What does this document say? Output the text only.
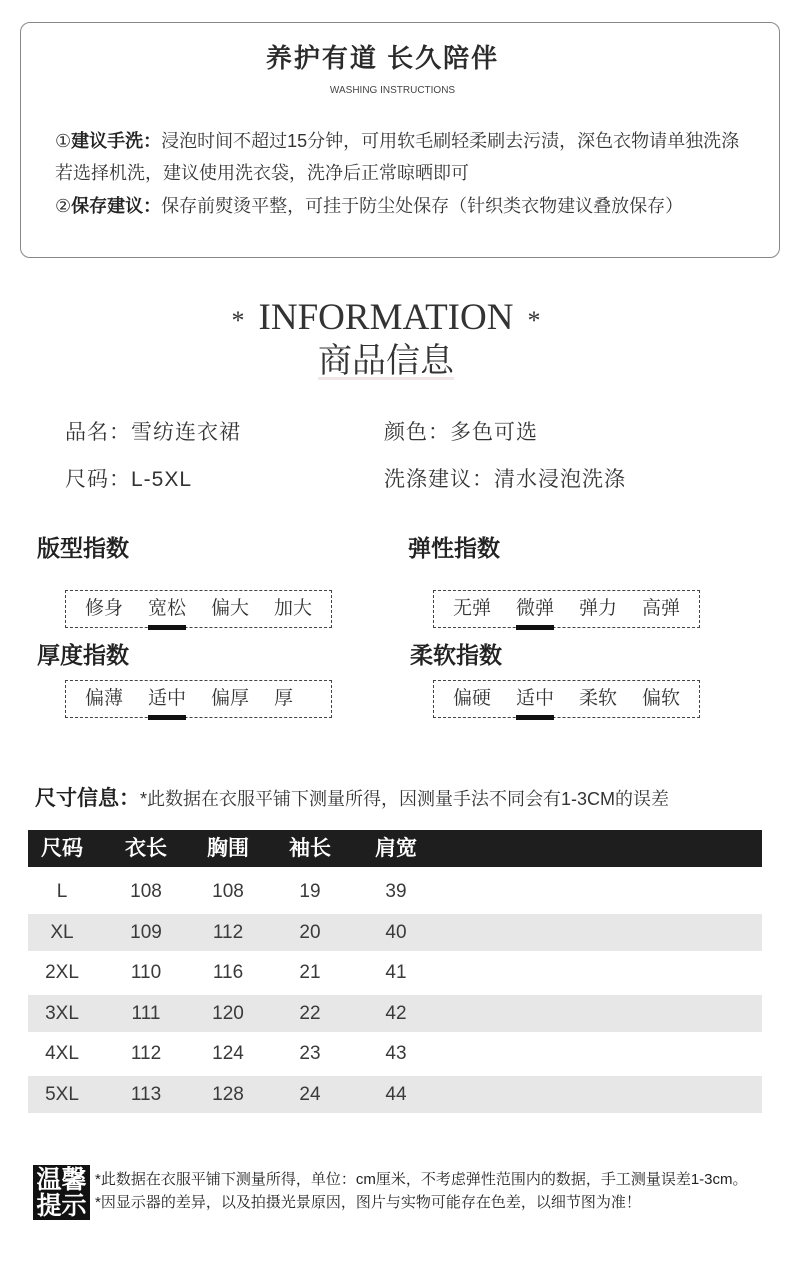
养护有道 长久陪伴
WASHING INSTRUCTIONS

①建议手洗：浸泡时间不超过15分钟，可用软毛刷轻柔刷去污渍，深色衣物请单独洗涤

若选择机洗，建议使用洗衣袋，洗净后正常晾晒即可

②保存建议：保存前熨烫平整，可挂于防尘处保存（针织类衣物建议叠放保存）

* INFORMATION *
商品信息
品名：雪纺连衣裙	颜色：多色可选
尺码：L-5XL	洗涤建议：清水浸泡洗涤
版型指数
修身 宽松 偏大 加大
弹性指数
无弹 微弹 弹力 高弹
厚度指数
偏薄 适中 偏厚 厚
柔软指数
偏硬 适中 柔软 偏软
尺寸信息：*此数据在衣服平铺下测量所得，因测量手法不同会有1-3CM的误差
尺码	衣长	胸围	袖长	肩宽
L	108	108	19	39
XL	109	112	20	40
2XL	110	116	21	41
3XL	111	120	22	42
4XL	112	124	23	43
5XL	113	128	24	44
温馨
提示
*此数据在衣服平铺下测量所得，单位：cm厘米，不考虑弹性范围内的数据，手工测量误差1-3cm。
*因显示器的差异，以及拍摄光景原因，图片与实物可能存在色差，以细节图为准！
